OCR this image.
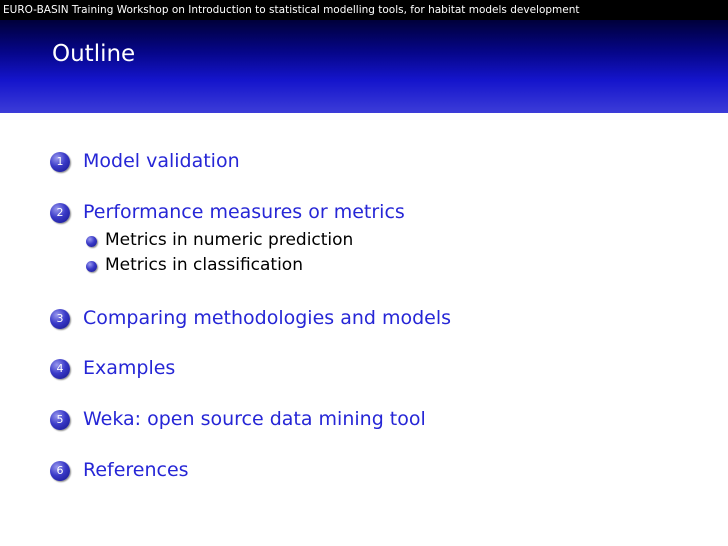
EURO-BASIN Training Workshop on Introduction to statistical modelling tools, for habitat models development
Outline
1	Model validation
2	Performance measures or metrics
Metrics in numeric prediction
Metrics in classification
3	Comparing methodologies and models
4	Examples
5	Weka: open source data mining tool
6	References
